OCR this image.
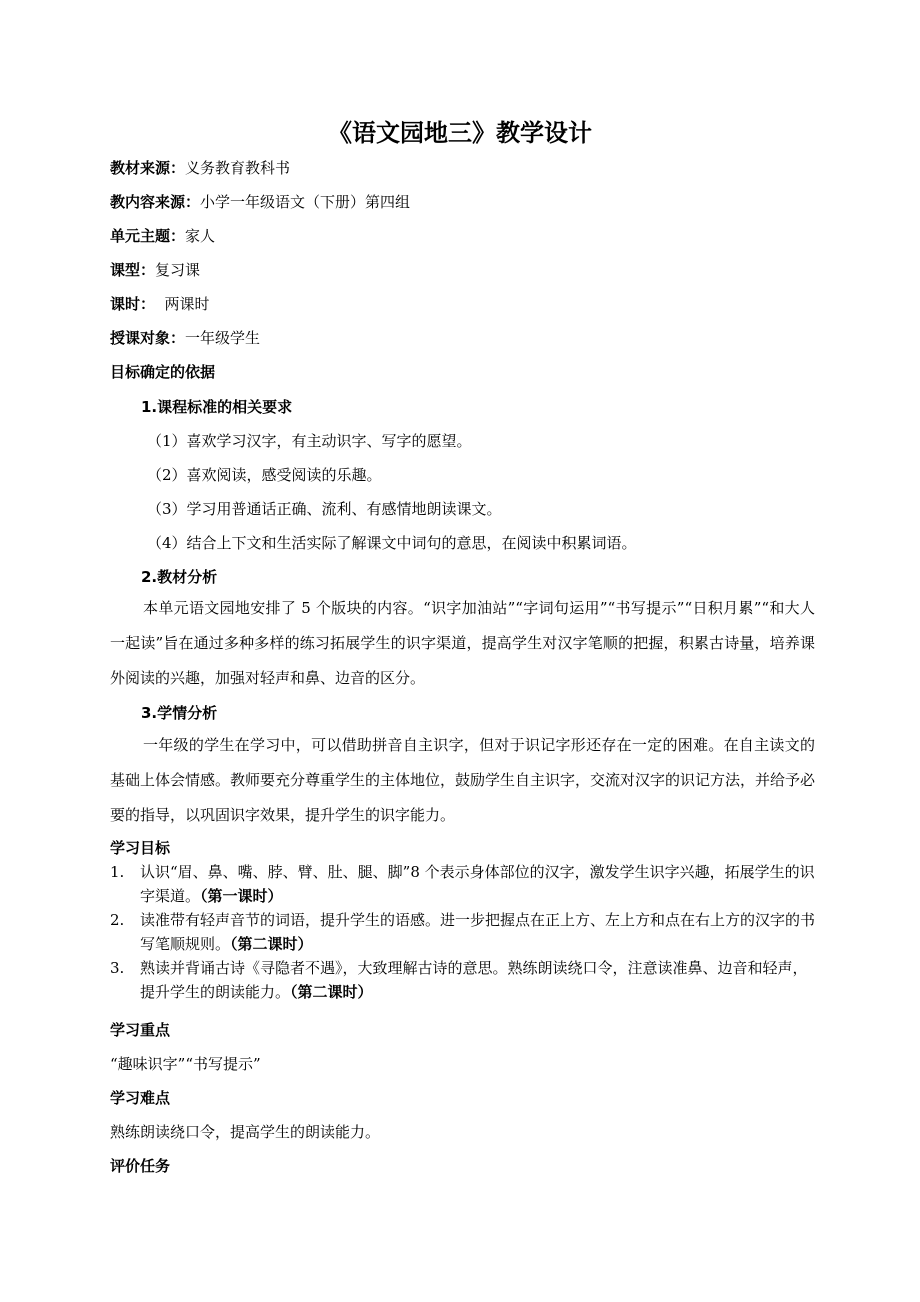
《语文园地三》教学设计
教材来源：义务教育教科书
教内容来源：小学一年级语文（下册）第四组
单元主题：家人
课型：复习课
课时：  两课时
授课对象：一年级学生
目标确定的依据
1.课程标准的相关要求
（1）喜欢学习汉字，有主动识字、写字的愿望。
（2）喜欢阅读，感受阅读的乐趣。
（3）学习用普通话正确、流利、有感情地朗读课文。
（4）结合上下文和生活实际了解课文中词句的意思，在阅读中积累词语。
2.教材分析
本单元语文园地安排了 5 个版块的内容。“识字加油站”“字词句运用”“书写提示”“日积月累”“和大人一起读”旨在通过多种多样的练习拓展学生的识字渠道，提高学生对汉字笔顺的把握，积累古诗量，培养课外阅读的兴趣，加强对轻声和鼻、边音的区分。
3.学情分析
一年级的学生在学习中，可以借助拼音自主识字，但对于识记字形还存在一定的困难。在自主读文的基础上体会情感。教师要充分尊重学生的主体地位，鼓励学生自主识字，交流对汉字的识记方法，并给予必要的指导，以巩固识字效果，提升学生的识字能力。
学习目标
1. 认识“眉、鼻、嘴、脖、臂、肚、腿、脚”8 个表示身体部位的汉字，激发学生识字兴趣，拓展学生的识字渠道。（第一课时）
2. 读准带有轻声音节的词语，提升学生的语感。进一步把握点在正上方、左上方和点在右上方的汉字的书写笔顺规则。（第二课时）
3. 熟读并背诵古诗《寻隐者不遇》，大致理解古诗的意思。熟练朗读绕口令，注意读准鼻、边音和轻声，提升学生的朗读能力。（第二课时）
学习重点
“趣味识字”“书写提示”
学习难点
熟练朗读绕口令，提高学生的朗读能力。
评价任务
